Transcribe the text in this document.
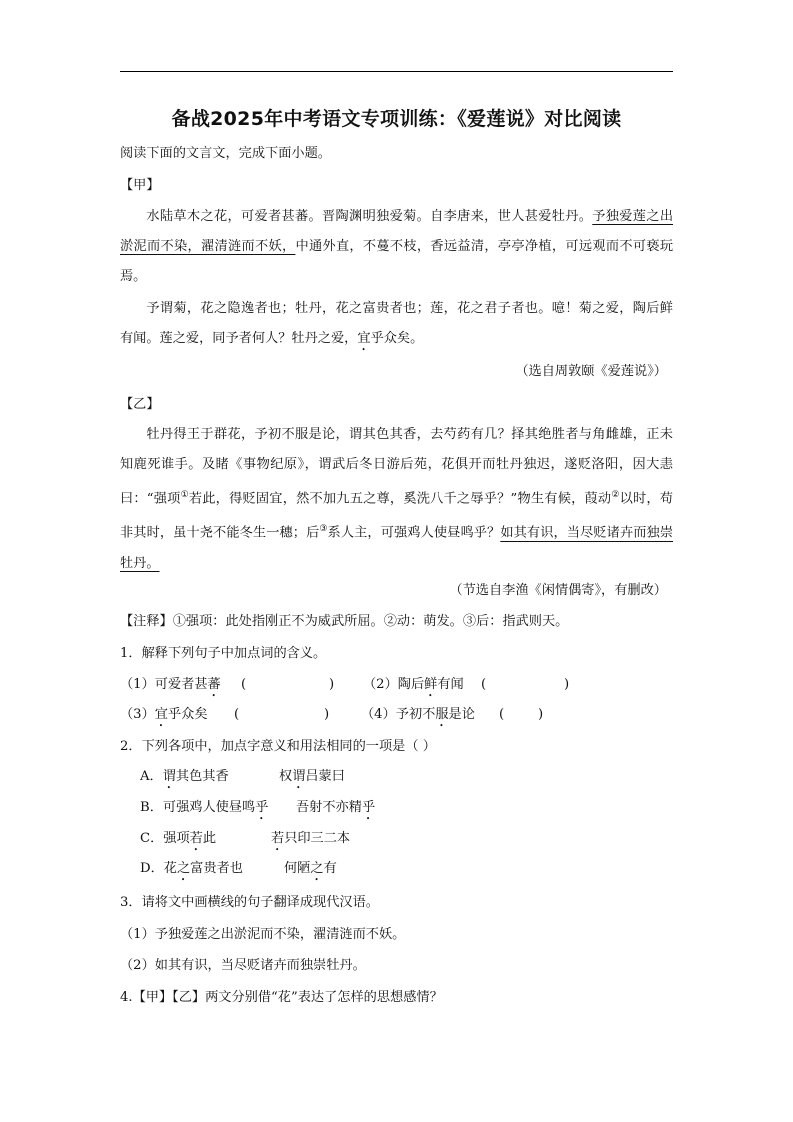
备战2025年中考语文专项训练：《爱莲说》对比阅读
阅读下面的文言文，完成下面小题。
【甲】
水陆草木之花，可爱者甚蕃。晋陶渊明独爱菊。自李唐来，世人甚爱牡丹。予独爱莲之出淤泥而不染，濯清涟而不妖，中通外直，不蔓不枝，香远益清，亭亭净植，可远观而不可亵玩焉。
予谓菊，花之隐逸者也；牡丹，花之富贵者也；莲，花之君子者也。噫！菊之爱，陶后鲜有闻。莲之爱，同予者何人？牡丹之爱，宜乎众矣。
（选自周敦颐《爱莲说》）
【乙】
牡丹得王于群花，予初不服是论，谓其色其香，去芍药有几？择其绝胜者与角雌雄，正未知鹿死谁手。及睹《事物纪原》，谓武后冬日游后苑，花俱开而牡丹独迟，遂贬洛阳，因大恚曰：“强项①若此，得贬固宜，然不加九五之尊，奚洗八千之辱乎？”物生有候，葭动②以时，苟非其时，虽十尧不能冬生一穗；后③系人主，可强鸡人使昼鸣乎？如其有识，当尽贬诸卉而独崇牡丹。
（节选自李渔《闲情偶寄》，有删改）
【注释】①强项：此处指刚正不为威武所屈。②动：萌发。③后：指武则天。
1．解释下列句子中加点词的含义。
（1）可爱者甚蕃 (	) （2）陶后鲜有闻 (	)
（3）宜乎众矣 (	) （4）予初不服是论 (	)
2．下列各项中，加点字意义和用法相同的一项是（ ）
A．谓其色其香	权谓吕蒙曰
B．可强鸡人使昼鸣乎 吾射不亦精乎
C．强项若此	若只印三二本
D．花之富贵者也	何陋之有
3．请将文中画横线的句子翻译成现代汉语。
（1）予独爱莲之出淤泥而不染，濯清涟而不妖。
（2）如其有识，当尽贬诸卉而独崇牡丹。
4.【甲】【乙】两文分别借“花”表达了怎样的思想感情？
